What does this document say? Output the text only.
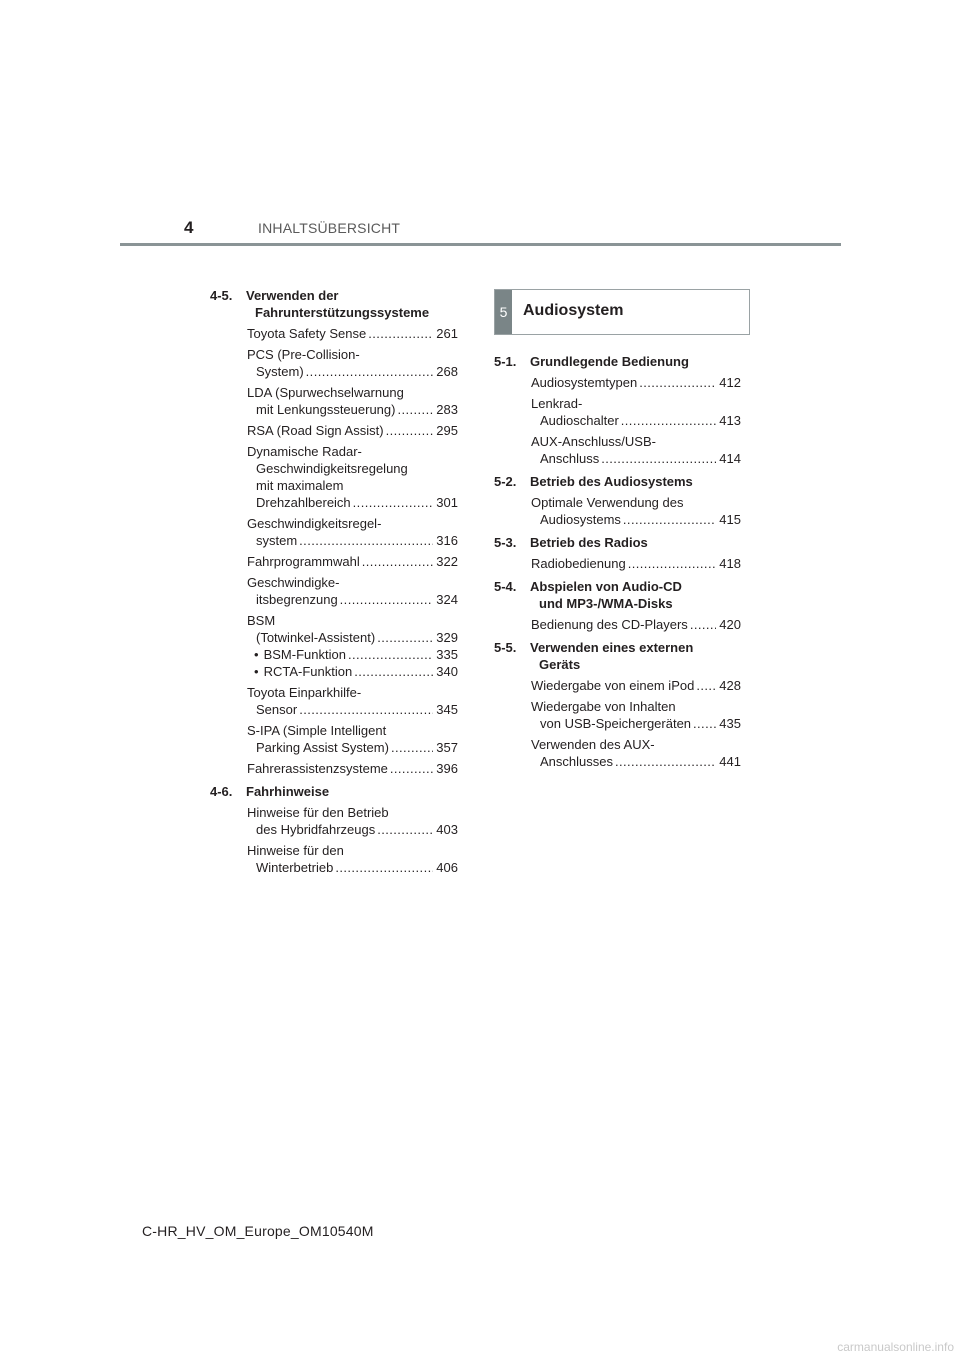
4	INHALTSÜBERSICHT
4-5. Verwenden der
Fahrunterstützungssysteme
Toyota Safety Sense .....	261
PCS (Pre-Collision-
System) .....	268
LDA (Spurwechselwarnung
mit Lenkungssteuerung) .....	283
RSA (Road Sign Assist) .....	295
Dynamische Radar-
Geschwindigkeitsregelung
mit maximalem
Drehzahlbereich .....	301
Geschwindigkeitsregel-
system .....	316
Fahrprogrammwahl .....	322
Geschwindigke-
itsbegrenzung .....	324
BSM
(Totwinkel-Assistent) .....	329
• BSM-Funktion .....	335
• RCTA-Funktion .....	340
Toyota Einparkhilfe-
Sensor .....	345
S-IPA (Simple Intelligent
Parking Assist System) .....	357
Fahrerassistenzsysteme .....	396
4-6. Fahrhinweise
Hinweise für den Betrieb
des Hybridfahrzeugs .....	403
Hinweise für den
Winterbetrieb .....	406
5 Audiosystem
5-1. Grundlegende Bedienung
Audiosystemtypen .....	412
Lenkrad-
Audioschalter .....	413
AUX-Anschluss/USB-
Anschluss .....	414
5-2. Betrieb des Audiosystems
Optimale Verwendung des
Audiosystems .....	415
5-3. Betrieb des Radios
Radiobedienung .....	418
5-4. Abspielen von Audio-CD
und MP3-/WMA-Disks
Bedienung des CD-Players ..... 420
5-5. Verwenden eines externen
Geräts
Wiedergabe von einem iPod ..... 428
Wiedergabe von Inhalten
von USB-Speichergeräten ..... 435
Verwenden des AUX-
Anschlusses .....	441
C-HR_HV_OM_Europe_OM10540M
carmanualsonline.info
